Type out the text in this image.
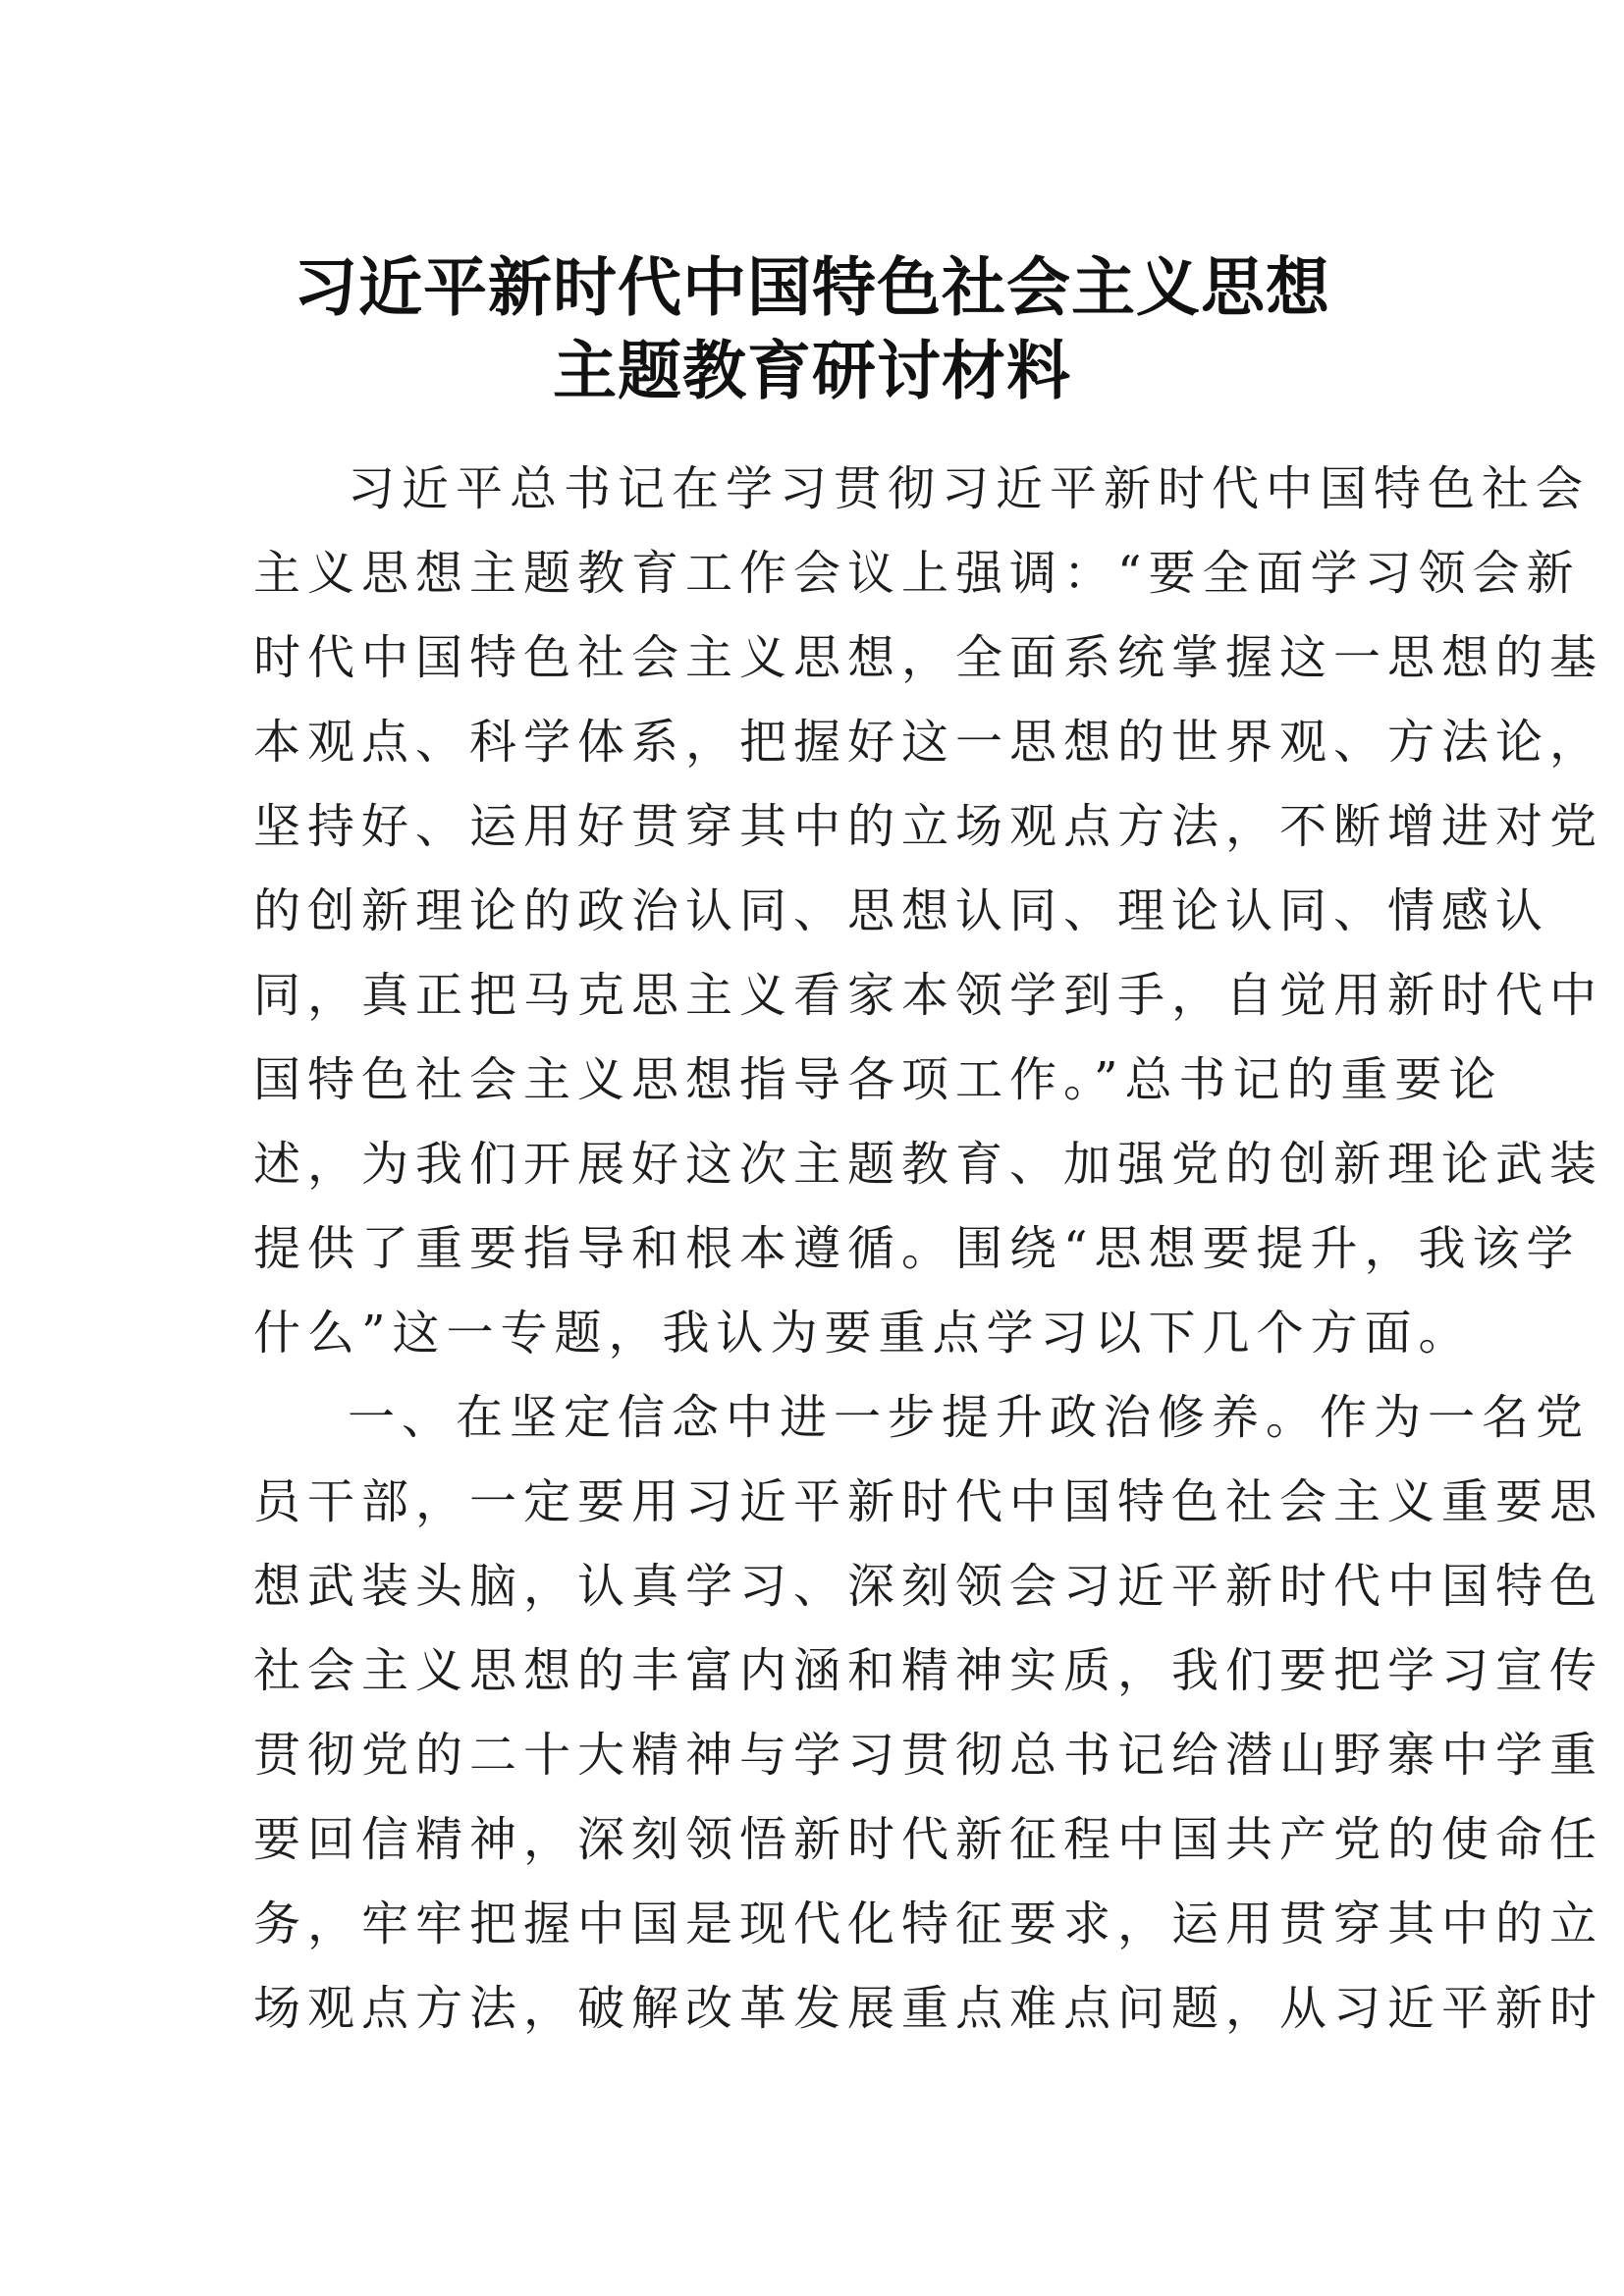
习近平新时代中国特色社会主义思想
主题教育研讨材料
习近平总书记在学习贯彻习近平新时代中国特色社会
主义思想主题教育工作会议上强调：“要全面学习领会新
时代中国特色社会主义思想，全面系统掌握这一思想的基
本观点、科学体系，把握好这一思想的世界观、方法论，
坚持好、运用好贯穿其中的立场观点方法，不断增进对党
的创新理论的政治认同、思想认同、理论认同、情感认
同，真正把马克思主义看家本领学到手，自觉用新时代中
国特色社会主义思想指导各项工作。”总书记的重要论
述，为我们开展好这次主题教育、加强党的创新理论武装
提供了重要指导和根本遵循。围绕“思想要提升，我该学
什么”这一专题，我认为要重点学习以下几个方面。
一、在坚定信念中进一步提升政治修养。作为一名党
员干部，一定要用习近平新时代中国特色社会主义重要思
想武装头脑，认真学习、深刻领会习近平新时代中国特色
社会主义思想的丰富内涵和精神实质，我们要把学习宣传
贯彻党的二十大精神与学习贯彻总书记给潜山野寨中学重
要回信精神，深刻领悟新时代新征程中国共产党的使命任
务，牢牢把握中国是现代化特征要求，运用贯穿其中的立
场观点方法，破解改革发展重点难点问题，从习近平新时
